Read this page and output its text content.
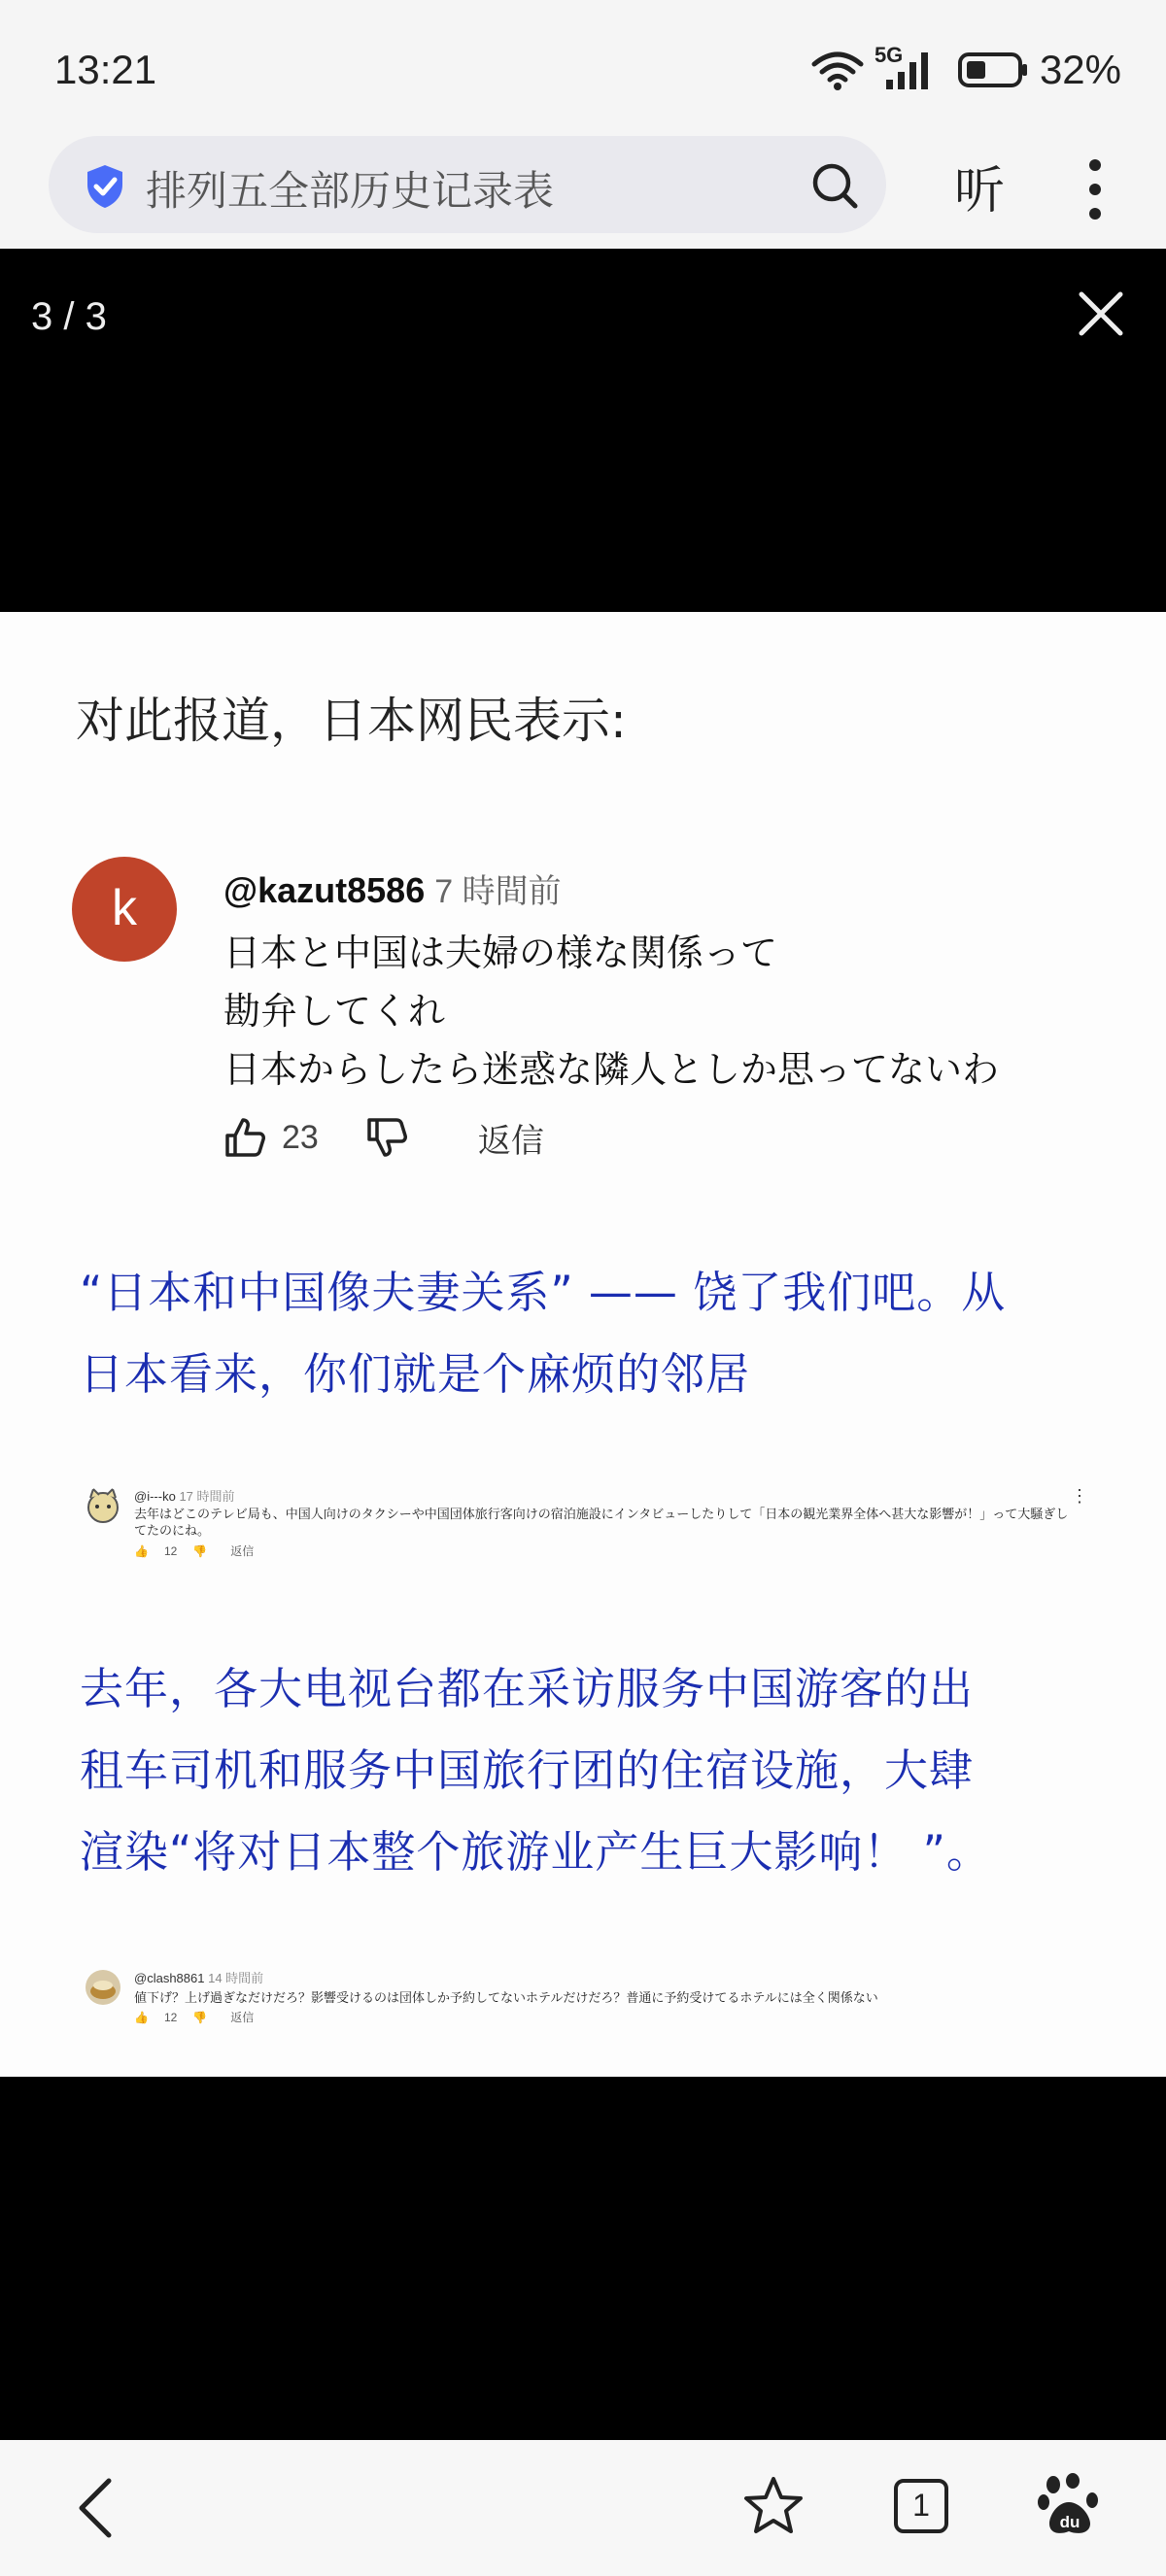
13:21	5G	32%
排列五全部历史记录表	听
3 / 3
对此报道，日本网民表示:
k	@kazut8586 7 時間前
日本と中国は夫婦の様な関係って
勘弁してくれ
日本からしたら迷惑な隣人としか思ってないわ
23	返信
“日本和中国像夫妻关系” —— 饶了我们吧。从
日本看来，你们就是个麻烦的邻居
@i---ko 17 時間前
去年はどこのテレビ局も、中国人向けのタクシーや中国団体旅行客向けの宿泊施設にインタビューしたりして「日本の観光業界全体へ甚大な影響が！」って大騒ぎし
てたのにね。
👍 12 👎 返信
⋮
去年，各大电视台都在采访服务中国游客的出
租车司机和服务中国旅行团的住宿设施，大肆
渲染“将对日本整个旅游业产生巨大影响！ ”。
@clash8861 14 時間前
値下げ？上げ過ぎなだけだろ？影響受けるのは団体しか予約してないホテルだけだろ？普通に予約受けてるホテルには全く関係ない
👍 12 👎 返信
1	du
